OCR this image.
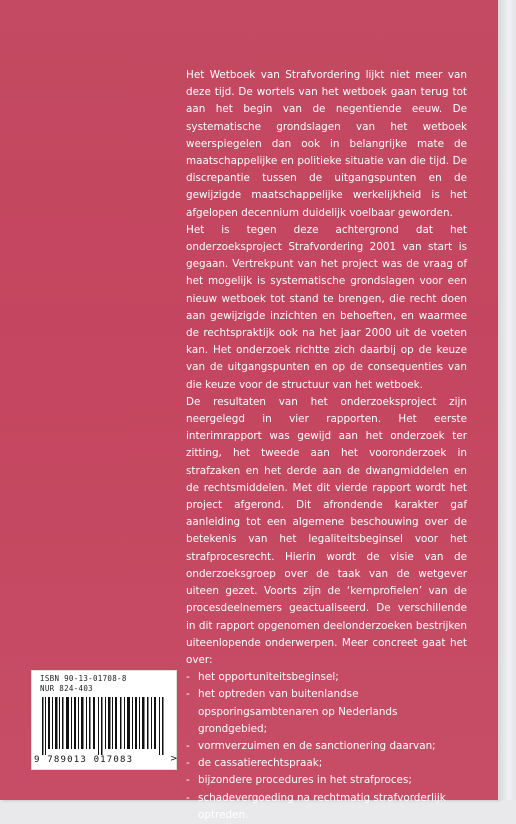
Het Wetboek van Strafvordering lijkt niet meer van deze tijd. De wortels van het wetboek gaan terug tot aan het begin van de negentiende eeuw. De systematische grondslagen van het wetboek weerspiegelen dan ook in belangrijke mate de maatschappelijke en politieke situatie van die tijd. De discrepantie tussen de uitgangspunten en de gewijzigde maatschappelijke werkelijkheid is het afgelopen decennium duidelijk voelbaar geworden.

Het is tegen deze achtergrond dat het onderzoeksproject Strafvordering 2001 van start is gegaan. Vertrekpunt van het project was de vraag of het mogelijk is systematische grondslagen voor een nieuw wetboek tot stand te brengen, die recht doen aan gewijzigde inzichten en behoeften, en waarmee de rechtspraktijk ook na het jaar 2000 uit de voeten kan. Het onderzoek richtte zich daarbij op de keuze van de uitgangspunten en op de consequenties van die keuze voor de structuur van het wetboek.

De resultaten van het onderzoeksproject zijn neergelegd in vier rapporten. Het eerste interimrapport was gewijd aan het onderzoek ter zitting, het tweede aan het vooronderzoek in strafzaken en het derde aan de dwangmiddelen en de rechtsmiddelen. Met dit vierde rapport wordt het project afgerond. Dit afrondende karakter gaf aanleiding tot een algemene beschouwing over de betekenis van het legaliteitsbeginsel voor het strafprocesrecht. Hierin wordt de visie van de onderzoeksgroep over de taak van de wetgever uiteen gezet. Voorts zijn de ‘kernprofielen’ van de procesdeelnemers geactualiseerd. De verschillende in dit rapport opgenomen deelonderzoeken bestrijken uiteenlopende onderwerpen. Meer concreet gaat het over:

- het opportuniteitsbeginsel;
- het optreden van buitenlandse opsporingsambtenaren op Nederlands grondgebied;
- vormverzuimen en de sanctionering daarvan;
- de cassatierechtspraak;
- bijzondere procedures in het strafproces;
- schadevergoeding na rechtmatig strafvorderlijk optreden.
ISBN 90-13-01708-8
NUR 824-403
9 789013 017083	>
